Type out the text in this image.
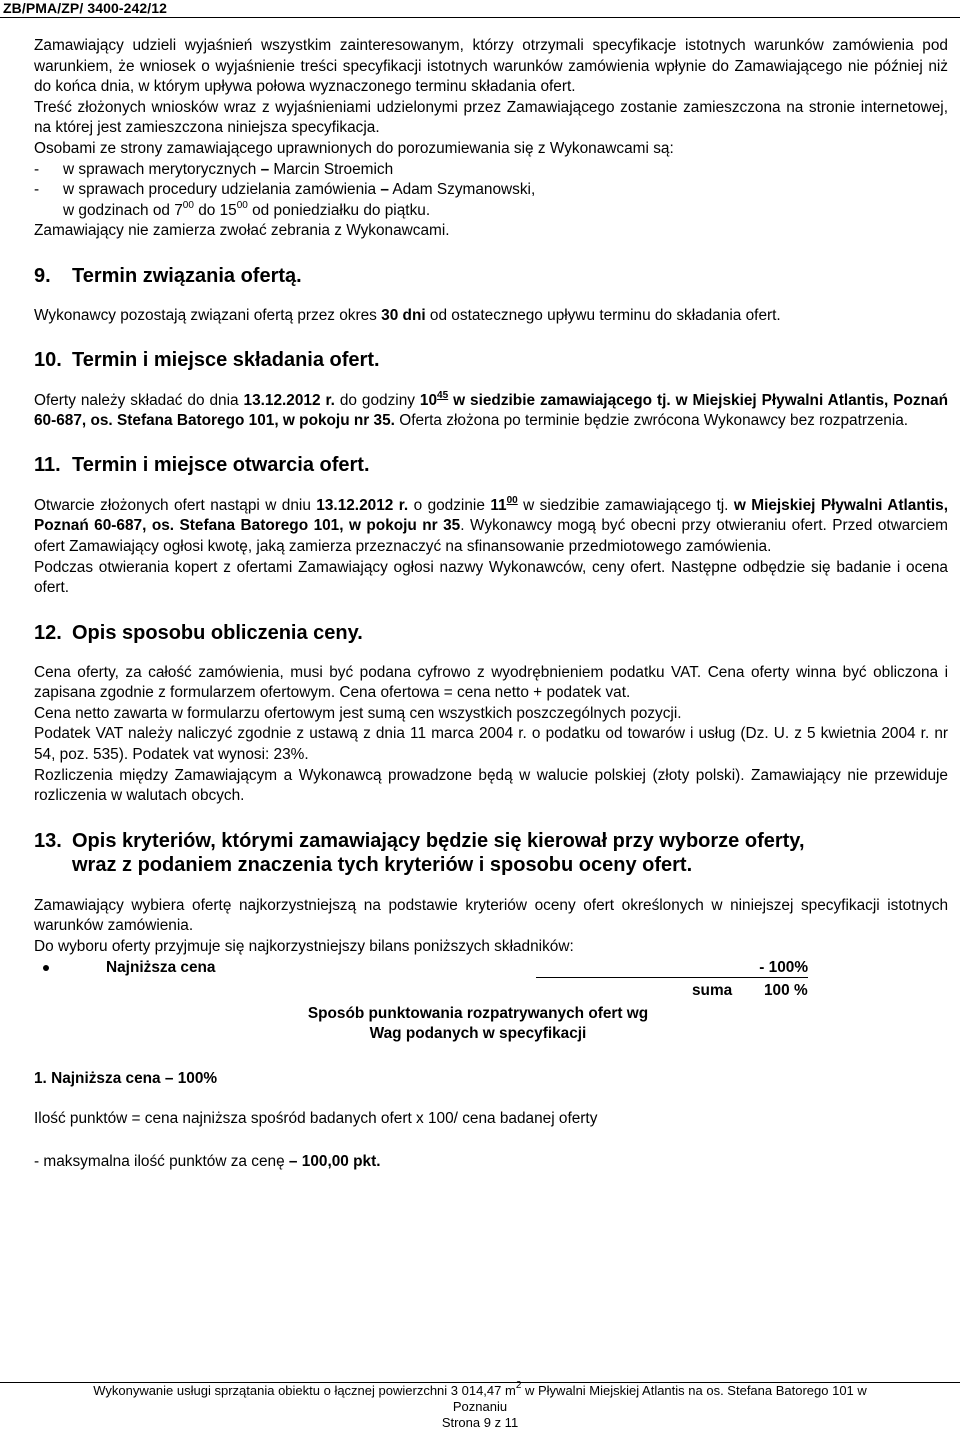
ZB/PMA/ZP/ 3400-242/12

Zamawiający udzieli wyjaśnień wszystkim zainteresowanym, którzy otrzymali specyfikacje istotnych warunków zamówienia pod warunkiem, że wniosek o wyjaśnienie treści specyfikacji istotnych warunków zamówienia wpłynie do Zamawiającego nie później niż do końca dnia, w którym upływa połowa wyznaczonego terminu składania ofert.

Treść złożonych wniosków wraz z wyjaśnieniami udzielonymi przez Zamawiającego zostanie zamieszczona na stronie internetowej, na której jest zamieszczona niniejsza specyfikacja.

Osobami ze strony zamawiającego uprawnionych do porozumiewania się z Wykonawcami są:

- w sprawach merytorycznych – Marcin Stroemich
- w sprawach procedury udzielania zamówienia – Adam Szymanowski,
w godzinach od $7^{00}$ do $15^{00}$ od poniedziałku do piątku.

Zamawiający nie zamierza zwołać zebrania z Wykonawcami.

9.	Termin związania ofertą.

Wykonawcy pozostają związani ofertą przez okres 30 dni od ostatecznego upływu terminu do składania ofert.

10. Termin i miejsce składania ofert.

Oferty należy składać do dnia 13.12.2012 r. do godziny $10^{45}$ w siedzibie zamawiającego tj. w Miejskiej Pływalni Atlantis, Poznań 60-687, os. Stefana Batorego 101, w pokoju nr 35. Oferta złożona po terminie będzie zwrócona Wykonawcy bez rozpatrzenia.

11. Termin i miejsce otwarcia ofert.

Otwarcie złożonych ofert nastąpi w dniu 13.12.2012 r. o godzinie $11^{00}$ w siedzibie zamawiającego tj. w Miejskiej Pływalni Atlantis, Poznań 60-687, os. Stefana Batorego 101, w pokoju nr 35. Wykonawcy mogą być obecni przy otwieraniu ofert. Przed otwarciem ofert Zamawiający ogłosi kwotę, jaką zamierza przeznaczyć na sfinansowanie przedmiotowego zamówienia.

Podczas otwierania kopert z ofertami Zamawiający ogłosi nazwy Wykonawców, ceny ofert. Następne odbędzie się badanie i ocena ofert.

12. Opis sposobu obliczenia ceny.

Cena oferty, za całość zamówienia, musi być podana cyfrowo z wyodrębnieniem podatku VAT. Cena oferty winna być obliczona i zapisana zgodnie z formularzem ofertowym. Cena ofertowa = cena netto + podatek vat.

Cena netto zawarta w formularzu ofertowym jest sumą cen wszystkich poszczególnych pozycji.

Podatek VAT należy naliczyć zgodnie z ustawą z dnia 11 marca 2004 r. o podatku od towarów i usług (Dz. U. z 5 kwietnia 2004 r. nr 54, poz. 535). Podatek vat wynosi: 23%.

Rozliczenia między Zamawiającym a Wykonawcą prowadzone będą w walucie polskiej (złoty polski). Zamawiający nie przewiduje rozliczenia w walutach obcych.

13. Opis kryteriów, którymi zamawiający będzie się kierował przy wyborze oferty,
wraz z podaniem znaczenia tych kryteriów i sposobu oceny ofert.

Zamawiający wybiera ofertę najkorzystniejszą na podstawie kryteriów oceny ofert określonych w niniejszej specyfikacji istotnych warunków zamówienia.

Do wyboru oferty przyjmuje się najkorzystniejszy bilans poniższych składników:

Najniższa cena	- 100%
suma 100 %
Sposób punktowania rozpatrywanych ofert wg
Wag podanych w specyfikacji

1. Najniższa cena – 100%

Ilość punktów = cena najniższa spośród badanych ofert x 100/ cena badanej oferty

- maksymalna ilość punktów za cenę – 100,00 pkt.

Wykonywanie usługi sprzątania obiektu o łącznej powierzchni 3 014,47 $m^2$ w Pływalni Miejskiej Atlantis na os. Stefana Batorego 101 w
Poznaniu
Strona 9 z 11
